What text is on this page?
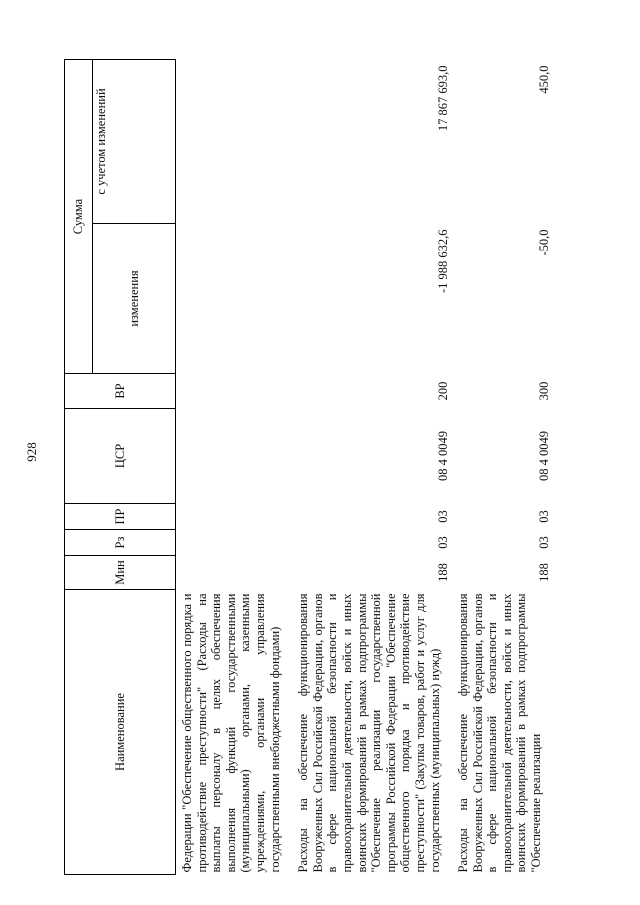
928
Наименование	Мин	Рз	ПР	ЦСР	ВР	Сумма	
						изменения	с учетом изменений

Федерации "Обеспечение общественного порядка и противодействие преступности" (Расходы на выплаты персоналу в целях обеспечения выполнения функций государственными (муниципальными) органами, казенными учреждениями, органами управления государственными внебюджетными фондами)							
Расходы на обеспечение функционирования Вооруженных Сил Российской Федерации, органов в сфере национальной безопасности и правоохранительной деятельности, войск и иных воинских формирований в рамках подпрограммы "Обеспечение реализации государственной программы Российской Федерации "Обеспечение общественного порядка и противодействие преступности" (Закупка товаров, работ и услуг для государственных (муниципальных) нужд)	188	03	03	08 4 0049	200	-1 988 632,6	17 867 693,0
Расходы на обеспечение функционирования Вооруженных Сил Российской Федерации, органов в сфере национальной безопасности и правоохранительной деятельности, войск и иных воинских формирований в рамках подпрограммы "Обеспечение реализации	188	03	03	08 4 0049	300	-50,0	450,0
